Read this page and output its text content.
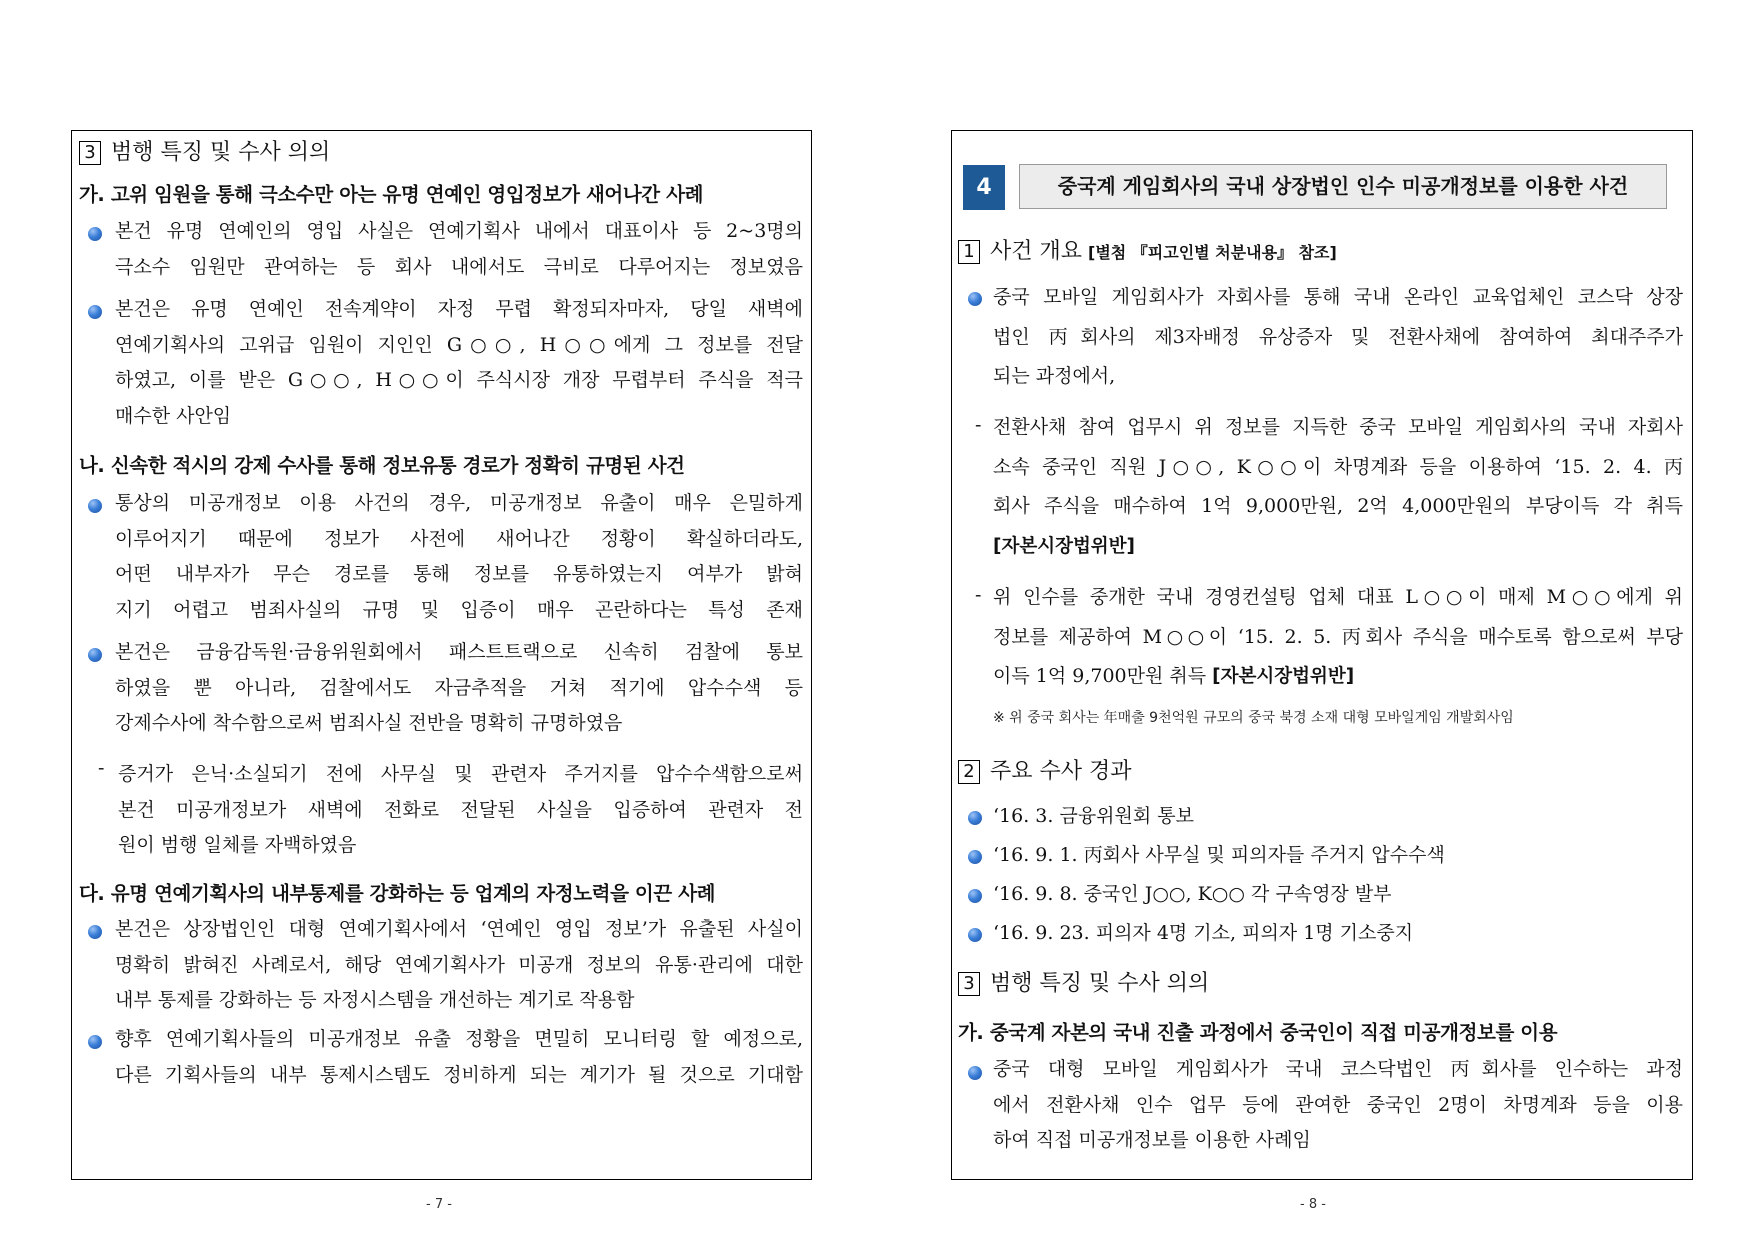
3 범행 특징 및 수사 의의
가. 고위 임원을 통해 극소수만 아는 유명 연예인 영입정보가 새어나간 사례
본건 유명 연예인의 영입 사실은 연예기획사 내에서 대표이사 등 2~3명의
극소수 임원만 관여하는 등 회사 내에서도 극비로 다루어지는 정보였음
본건은 유명 연예인 전속계약이 자정 무렵 확정되자마자, 당일 새벽에
연예기획사의 고위급 임원이 지인인 G○○, H○○에게 그 정보를 전달
하였고, 이를 받은 G○○, H○○이 주식시장 개장 무렵부터 주식을 적극
매수한 사안임
나. 신속한 적시의 강제 수사를 통해 정보유통 경로가 정확히 규명된 사건
통상의 미공개정보 이용 사건의 경우, 미공개정보 유출이 매우 은밀하게
이루어지기 때문에 정보가 사전에 새어나간 정황이 확실하더라도,
어떤 내부자가 무슨 경로를 통해 정보를 유통하였는지 여부가 밝혀
지기 어렵고 범죄사실의 규명 및 입증이 매우 곤란하다는 특성 존재
본건은 금융감독원·금융위원회에서 패스트트랙으로 신속히 검찰에 통보
하였을 뿐 아니라, 검찰에서도 자금추적을 거쳐 적기에 압수수색 등
강제수사에 착수함으로써 범죄사실 전반을 명확히 규명하였음
- 증거가 은닉·소실되기 전에 사무실 및 관련자 주거지를 압수수색함으로써
본건 미공개정보가 새벽에 전화로 전달된 사실을 입증하여 관련자 전
원이 범행 일체를 자백하였음
다. 유명 연예기획사의 내부통제를 강화하는 등 업계의 자정노력을 이끈 사례
본건은 상장법인인 대형 연예기획사에서 ‘연예인 영입 정보’가 유출된 사실이
명확히 밝혀진 사례로서, 해당 연예기획사가 미공개 정보의 유통·관리에 대한
내부 통제를 강화하는 등 자정시스템을 개선하는 계기로 작용함
향후 연예기획사들의 미공개정보 유출 정황을 면밀히 모니터링 할 예정으로,
다른 기획사들의 내부 통제시스템도 정비하게 되는 계기가 될 것으로 기대함
- 7 -
4	중국계 게임회사의 국내 상장법인 인수 미공개정보를 이용한 사건
1 사건 개요 [별첨 『피고인별 처분내용』 참조]
중국 모바일 게임회사가 자회사를 통해 국내 온라인 교육업체인 코스닥 상장
법인 丙회사의 제3자배정 유상증자 및 전환사채에 참여하여 최대주주가
되는 과정에서,
- 전환사채 참여 업무시 위 정보를 지득한 중국 모바일 게임회사의 국내 자회사
소속 중국인 직원 J○○, K○○이 차명계좌 등을 이용하여 ‘15. 2. 4. 丙
회사 주식을 매수하여 1억 9,000만원, 2억 4,000만원의 부당이득 각 취득
[자본시장법위반]
- 위 인수를 중개한 국내 경영컨설팅 업체 대표 L○○이 매제 M○○에게 위
정보를 제공하여 M○○이 ‘15. 2. 5. 丙회사 주식을 매수토록 함으로써 부당
이득 1억 9,700만원 취득 [자본시장법위반]
※ 위 중국 회사는 年매출 9천억원 규모의 중국 북경 소재 대형 모바일게임 개발회사임
2 주요 수사 경과
‘16. 3. 금융위원회 통보
‘16. 9. 1. 丙회사 사무실 및 피의자들 주거지 압수수색
‘16. 9. 8. 중국인 J○○, K○○ 각 구속영장 발부
‘16. 9. 23. 피의자 4명 기소, 피의자 1명 기소중지
3 범행 특징 및 수사 의의
가. 중국계 자본의 국내 진출 과정에서 중국인이 직접 미공개정보를 이용
중국 대형 모바일 게임회사가 국내 코스닥법인 丙회사를 인수하는 과정
에서 전환사채 인수 업무 등에 관여한 중국인 2명이 차명계좌 등을 이용
하여 직접 미공개정보를 이용한 사례임
- 8 -
